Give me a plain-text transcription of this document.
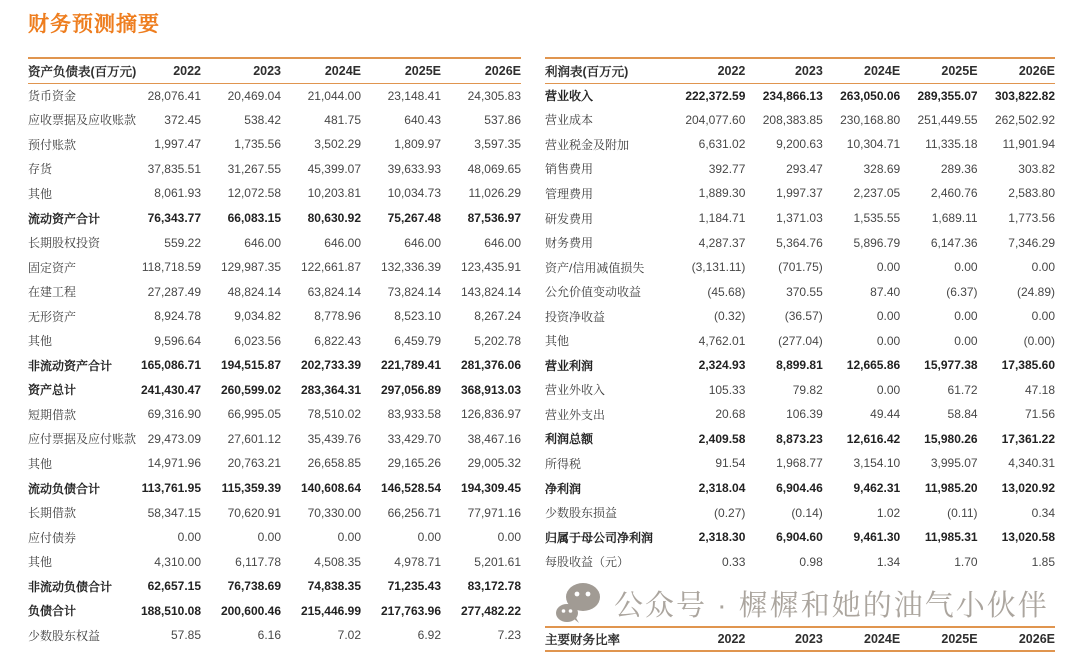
财务预测摘要
资产负债表(百万元)	2022	2023	2024E	2025E	2026E
货币资金	28,076.41	20,469.04	21,044.00	23,148.41	24,305.83
应收票据及应收账款	372.45	538.42	481.75	640.43	537.86
预付账款	1,997.47	1,735.56	3,502.29	1,809.97	3,597.35
存货	37,835.51	31,267.55	45,399.07	39,633.93	48,069.65
其他	8,061.93	12,072.58	10,203.81	10,034.73	11,026.29
流动资产合计	76,343.77	66,083.15	80,630.92	75,267.48	87,536.97
长期股权投资	559.22	646.00	646.00	646.00	646.00
固定资产	118,718.59	129,987.35	122,661.87	132,336.39	123,435.91
在建工程	27,287.49	48,824.14	63,824.14	73,824.14	143,824.14
无形资产	8,924.78	9,034.82	8,778.96	8,523.10	8,267.24
其他	9,596.64	6,023.56	6,822.43	6,459.79	5,202.78
非流动资产合计	165,086.71	194,515.87	202,733.39	221,789.41	281,376.06
资产总计	241,430.47	260,599.02	283,364.31	297,056.89	368,913.03
短期借款	69,316.90	66,995.05	78,510.02	83,933.58	126,836.97
应付票据及应付账款	29,473.09	27,601.12	35,439.76	33,429.70	38,467.16
其他	14,971.96	20,763.21	26,658.85	29,165.26	29,005.32
流动负债合计	113,761.95	115,359.39	140,608.64	146,528.54	194,309.45
长期借款	58,347.15	70,620.91	70,330.00	66,256.71	77,971.16
应付债券	0.00	0.00	0.00	0.00	0.00
其他	4,310.00	6,117.78	4,508.35	4,978.71	5,201.61
非流动负债合计	62,657.15	76,738.69	74,838.35	71,235.43	83,172.78
负债合计	188,510.08	200,600.46	215,446.99	217,763.96	277,482.22
少数股东权益	57.85	6.16	7.02	6.92	7.23
利润表(百万元)	2022	2023	2024E	2025E	2026E
营业收入	222,372.59	234,866.13	263,050.06	289,355.07	303,822.82
营业成本	204,077.60	208,383.85	230,168.80	251,449.55	262,502.92
营业税金及附加	6,631.02	9,200.63	10,304.71	11,335.18	11,901.94
销售费用	392.77	293.47	328.69	289.36	303.82
管理费用	1,889.30	1,997.37	2,237.05	2,460.76	2,583.80
研发费用	1,184.71	1,371.03	1,535.55	1,689.11	1,773.56
财务费用	4,287.37	5,364.76	5,896.79	6,147.36	7,346.29
资产/信用减值损失	(3,131.11)	(701.75)	0.00	0.00	0.00
公允价值变动收益	(45.68)	370.55	87.40	(6.37)	(24.89)
投资净收益	(0.32)	(36.57)	0.00	0.00	0.00
其他	4,762.01	(277.04)	0.00	0.00	(0.00)
营业利润	2,324.93	8,899.81	12,665.86	15,977.38	17,385.60
营业外收入	105.33	79.82	0.00	61.72	47.18
营业外支出	20.68	106.39	49.44	58.84	71.56
利润总额	2,409.58	8,873.23	12,616.42	15,980.26	17,361.22
所得税	91.54	1,968.77	3,154.10	3,995.07	4,340.31
净利润	2,318.04	6,904.46	9,462.31	11,985.20	13,020.92
少数股东损益	(0.27)	(0.14)	1.02	(0.11)	0.34
归属于母公司净利润	2,318.30	6,904.60	9,461.30	11,985.31	13,020.58
每股收益（元）	0.33	0.98	1.34	1.70	1.85
主要财务比率	2022	2023	2024E	2025E	2026E
公众号 · 樨樨和她的油气小伙伴
